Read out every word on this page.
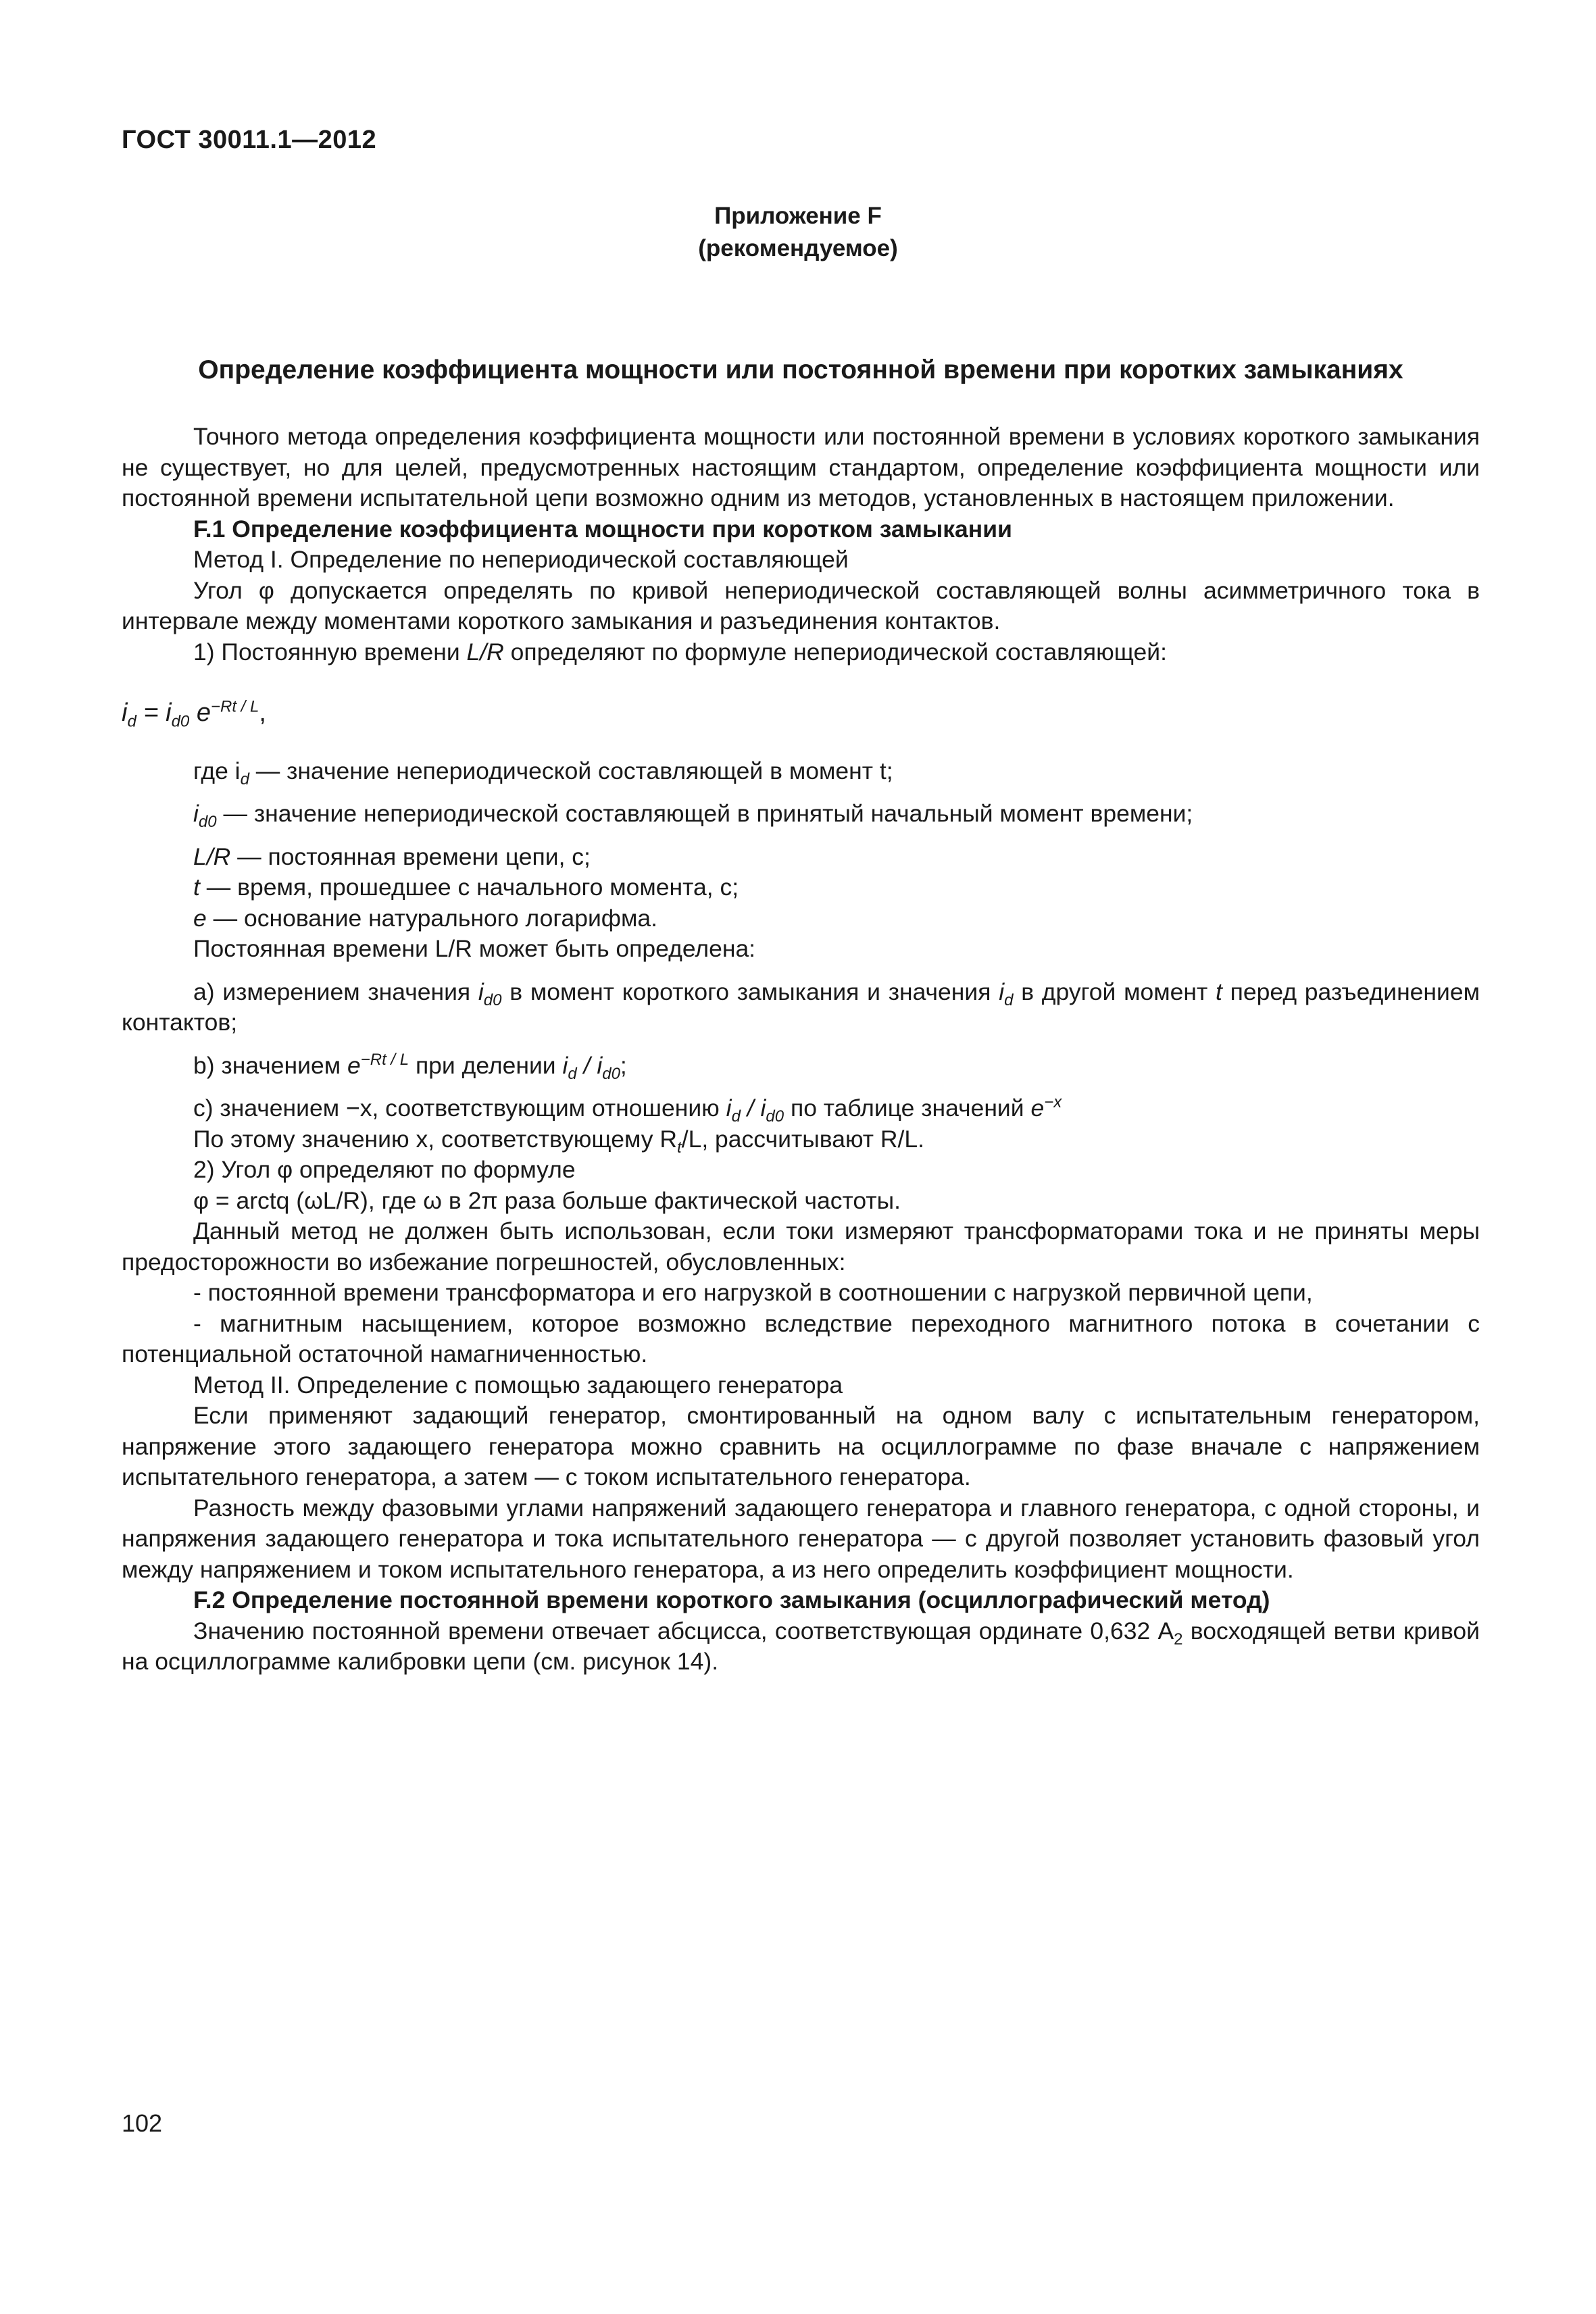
ГОСТ 30011.1—2012
Приложение F
(рекомендуемое)
Определение коэффициента мощности или постоянной времени при коротких замыканиях

Точного метода определения коэффициента мощности или постоянной времени в условиях короткого замыкания не существует, но для целей, предусмотренных настоящим стандартом, определение коэффициента мощности или постоянной времени испытательной цепи возможно одним из методов, установленных в настоящем приложении.

F.1 Определение коэффициента мощности при коротком замыкании

Метод I. Определение по непериодической составляющей

Угол φ допускается определять по кривой непериодической составляющей волны асимметричного тока в интервале между моментами короткого замыкания и разъединения контактов.

1) Постоянную времени L/R определяют по формуле непериодической составляющей:

$i_d = i_{d0}$ $e^{-Rt / L}$,

где $i_d$ — значение непериодической составляющей в момент t;

$i_{d0}$ — значение непериодической составляющей в принятый начальный момент времени;

L/R — постоянная времени цепи, с;

t — время, прошедшее с начального момента, с;

e — основание натурального логарифма.

Постоянная времени L/R может быть определена:

а) измерением значения $i_{d0}$ в момент короткого замыкания и значения $i_d$ в другой момент t перед разъединением контактов;

b) значением $e^{-Rt / L}$ при делении $i_d / i_{d0}$;

c) значением −x, соответствующим отношению $i_d / i_{d0}$ по таблице значений $e^{-x}$

По этому значению x, соответствующему $R_t/L$, рассчитывают R/L.

2) Угол φ определяют по формуле

φ = arctq (ωL/R), где ω в 2π раза больше фактической частоты.

Данный метод не должен быть использован, если токи измеряют трансформаторами тока и не приняты меры предосторожности во избежание погрешностей, обусловленных:

- постоянной времени трансформатора и его нагрузкой в соотношении с нагрузкой первичной цепи,

- магнитным насыщением, которое возможно вследствие переходного магнитного потока в сочетании с потенциальной остаточной намагниченностью.

Метод II. Определение с помощью задающего генератора

Если применяют задающий генератор, смонтированный на одном валу с испытательным генератором, напряжение этого задающего генератора можно сравнить на осциллограмме по фазе вначале с напряжением испытательного генератора, а затем — с током испытательного генератора.

Разность между фазовыми углами напряжений задающего генератора и главного генератора, с одной стороны, и напряжения задающего генератора и тока испытательного генератора — с другой позволяет установить фазовый угол между напряжением и током испытательного генератора, а из него определить коэффициент мощности.

F.2 Определение постоянной времени короткого замыкания (осциллографический метод)

Значению постоянной времени отвечает абсцисса, соответствующая ординате 0,632 $A_2$ восходящей ветви кривой на осциллограмме калибровки цепи (см. рисунок 14).

102
